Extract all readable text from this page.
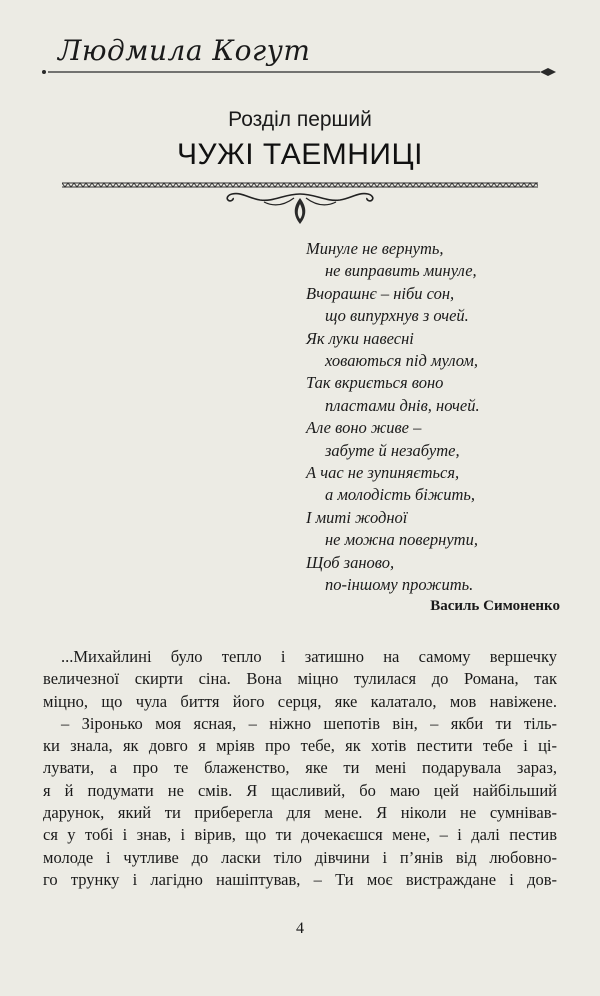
Людмила Когут
Розділ перший
ЧУЖІ ТАЕМНИЦІ
Минуле не вернуть,
не виправить минуле,
Вчорашнє – ніби сон,
що випурхнув з очей.
Як луки навесні
ховаються під мулом,
Так вкриється воно
пластами днів, ночей.
Але воно живе –
забуте й незабуте,
А час не зупиняється,
а молодість біжить,
І миті жодної
не можна повернути,
Щоб заново,
по-іншому прожить.
Василь Симоненко
...Михайлині було тепло і затишно на самому вершечку
величезної скирти сіна. Вона міцно тулилася до Романа, так
міцно, що чула биття його серця, яке калатало, мов навіжене.
– Зіронько моя ясная, – ніжно шепотів він, – якби ти тіль-
ки знала, як довго я мріяв про тебе, як хотів пестити тебе і ці-
лувати, а про те блаженство, яке ти мені подарувала зараз,
я й подумати не смів. Я щасливий, бо маю цей найбільший
дарунок, який ти приберегла для мене. Я ніколи не сумнівав-
ся у тобі і знав, і вірив, що ти дочекаєшся мене, – і далі пестив
молоде і чутливе до ласки тіло дівчини і п’янів від любовно-
го трунку і лагідно нашіптував, – Ти моє вистраждане і дов-
4
